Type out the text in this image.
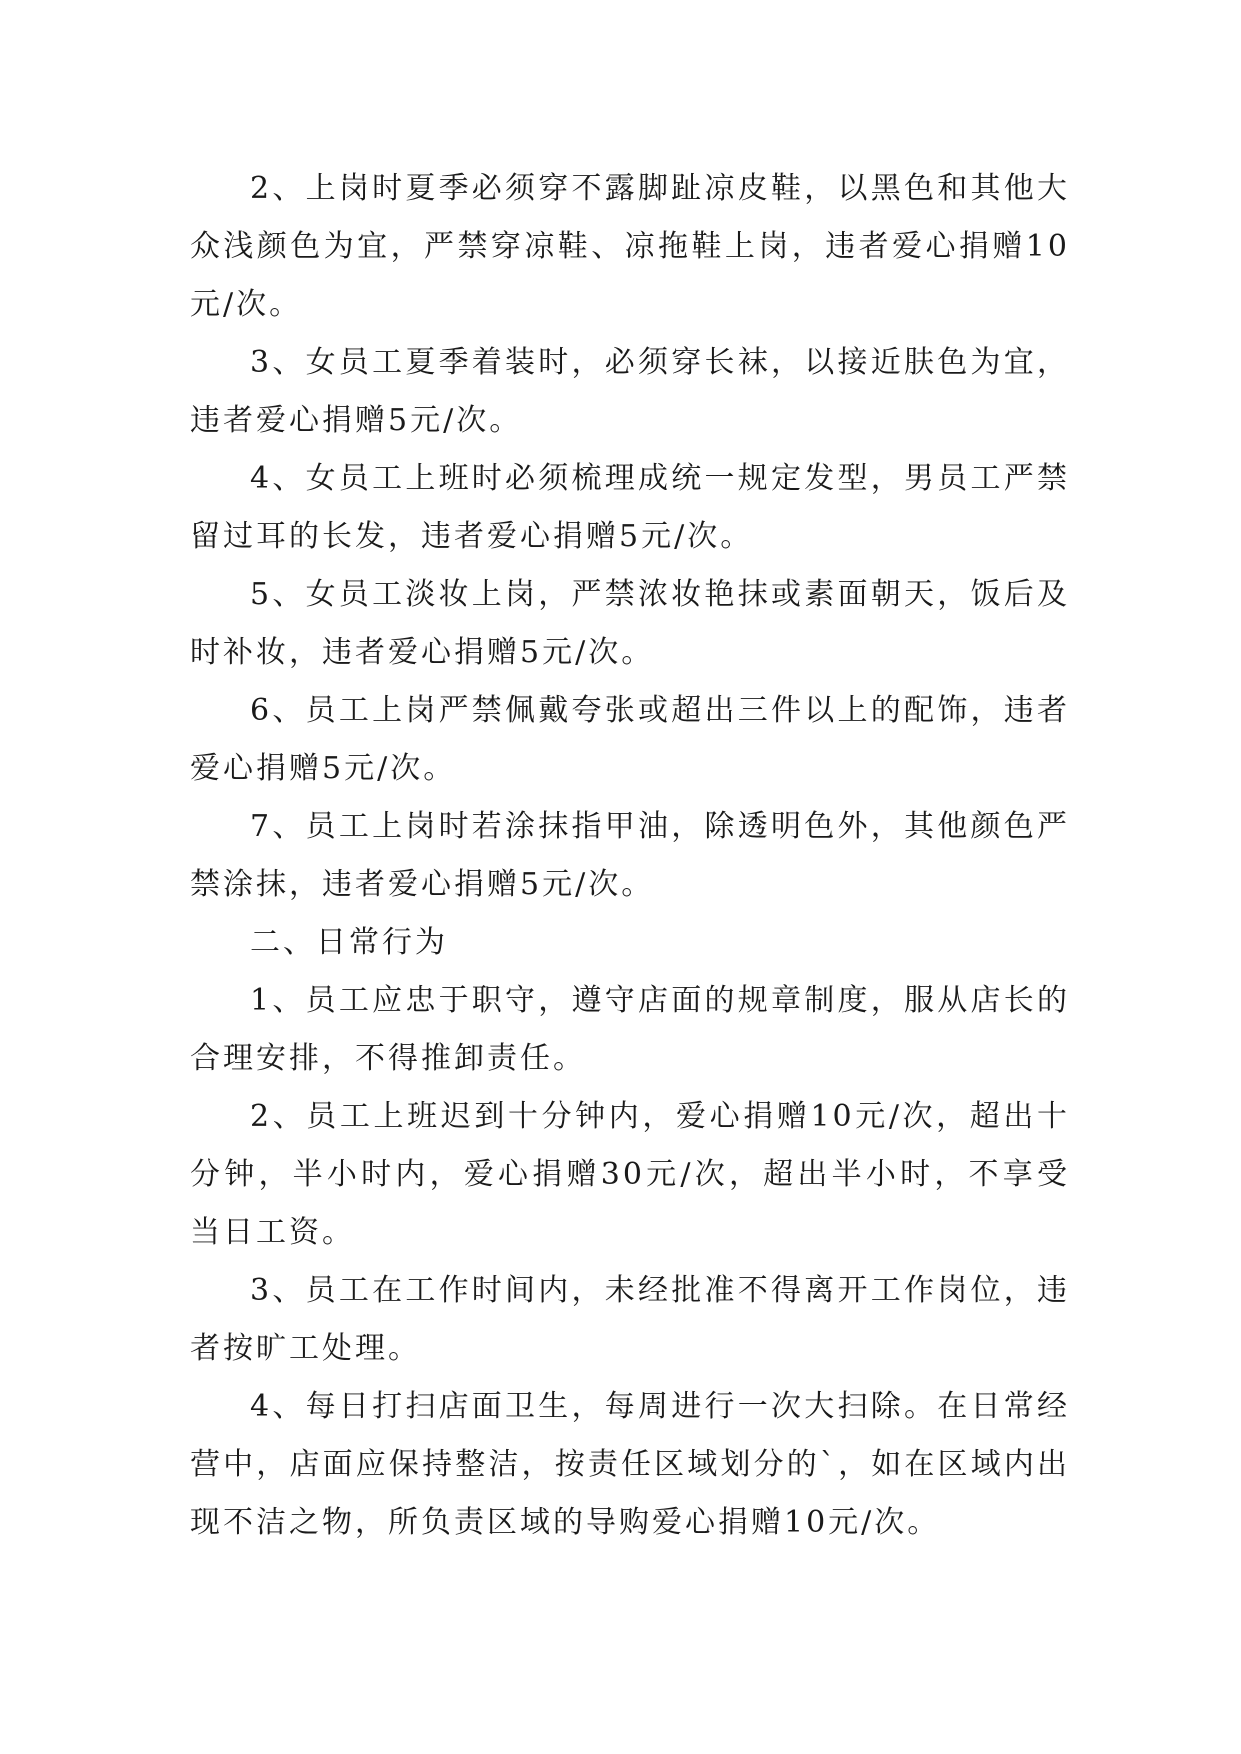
2、上岗时夏季必须穿不露脚趾凉皮鞋，以黑色和其他大众浅颜色为宜，严禁穿凉鞋、凉拖鞋上岗，违者爱心捐赠10元/次。

3、女员工夏季着装时，必须穿长袜，以接近肤色为宜，违者爱心捐赠5元/次。

4、女员工上班时必须梳理成统一规定发型，男员工严禁留过耳的长发，违者爱心捐赠5元/次。

5、女员工淡妆上岗，严禁浓妆艳抹或素面朝天，饭后及时补妆，违者爱心捐赠5元/次。

6、员工上岗严禁佩戴夸张或超出三件以上的配饰，违者爱心捐赠5元/次。

7、员工上岗时若涂抹指甲油，除透明色外，其他颜色严禁涂抹，违者爱心捐赠5元/次。

二、日常行为

1、员工应忠于职守，遵守店面的规章制度，服从店长的合理安排，不得推卸责任。

2、员工上班迟到十分钟内，爱心捐赠10元/次，超出十分钟，半小时内，爱心捐赠30元/次，超出半小时，不享受当日工资。

3、员工在工作时间内，未经批准不得离开工作岗位，违者按旷工处理。

4、每日打扫店面卫生，每周进行一次大扫除。在日常经营中，店面应保持整洁，按责任区域划分的`，如在区域内出现不洁之物，所负责区域的导购爱心捐赠10元/次。
